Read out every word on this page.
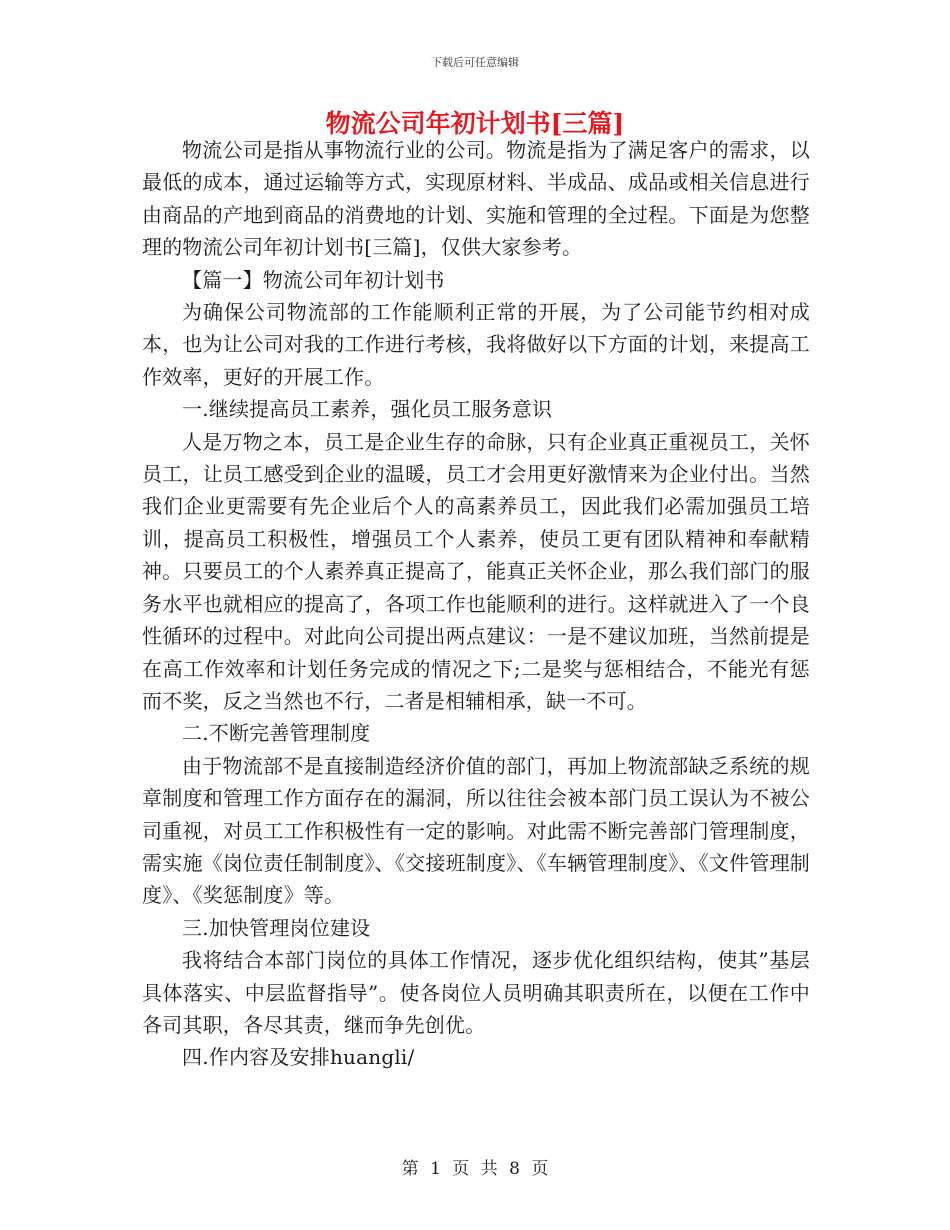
下载后可任意编辑
物流公司年初计划书[三篇]

物流公司是指从事物流行业的公司。物流是指为了满足客户的需求，以最低的成本，通过运输等方式，实现原材料、半成品、成品或相关信息进行由商品的产地到商品的消费地的计划、实施和管理的全过程。下面是为您整理的物流公司年初计划书[三篇]，仅供大家参考。

【篇一】物流公司年初计划书

为确保公司物流部的工作能顺利正常的开展，为了公司能节约相对成本，也为让公司对我的工作进行考核，我将做好以下方面的计划，来提高工作效率，更好的开展工作。

一.继续提高员工素养，强化员工服务意识

人是万物之本，员工是企业生存的命脉，只有企业真正重视员工，关怀员工，让员工感受到企业的温暖，员工才会用更好激情来为企业付出。当然我们企业更需要有先企业后个人的高素养员工，因此我们必需加强员工培训，提高员工积极性，增强员工个人素养，使员工更有团队精神和奉献精神。只要员工的个人素养真正提高了，能真正关怀企业，那么我们部门的服务水平也就相应的提高了，各项工作也能顺利的进行。这样就进入了一个良性循环的过程中。对此向公司提出两点建议：一是不建议加班，当然前提是在高工作效率和计划任务完成的情况之下;二是奖与惩相结合，不能光有惩而不奖，反之当然也不行，二者是相辅相承，缺一不可。

二.不断完善管理制度

由于物流部不是直接制造经济价值的部门，再加上物流部缺乏系统的规章制度和管理工作方面存在的漏洞，所以往往会被本部门员工误认为不被公司重视，对员工工作积极性有一定的影响。对此需不断完善部门管理制度，需实施《岗位责任制制度》、《交接班制度》、《车辆管理制度》、《文件管理制度》、《奖惩制度》等。

三.加快管理岗位建设

我将结合本部门岗位的具体工作情况，逐步优化组织结构，使其”基层具体落实、中层监督指导”。使各岗位人员明确其职责所在，以便在工作中各司其职，各尽其责，继而争先创优。

四.作内容及安排huangli/

第 1 页 共 8 页
